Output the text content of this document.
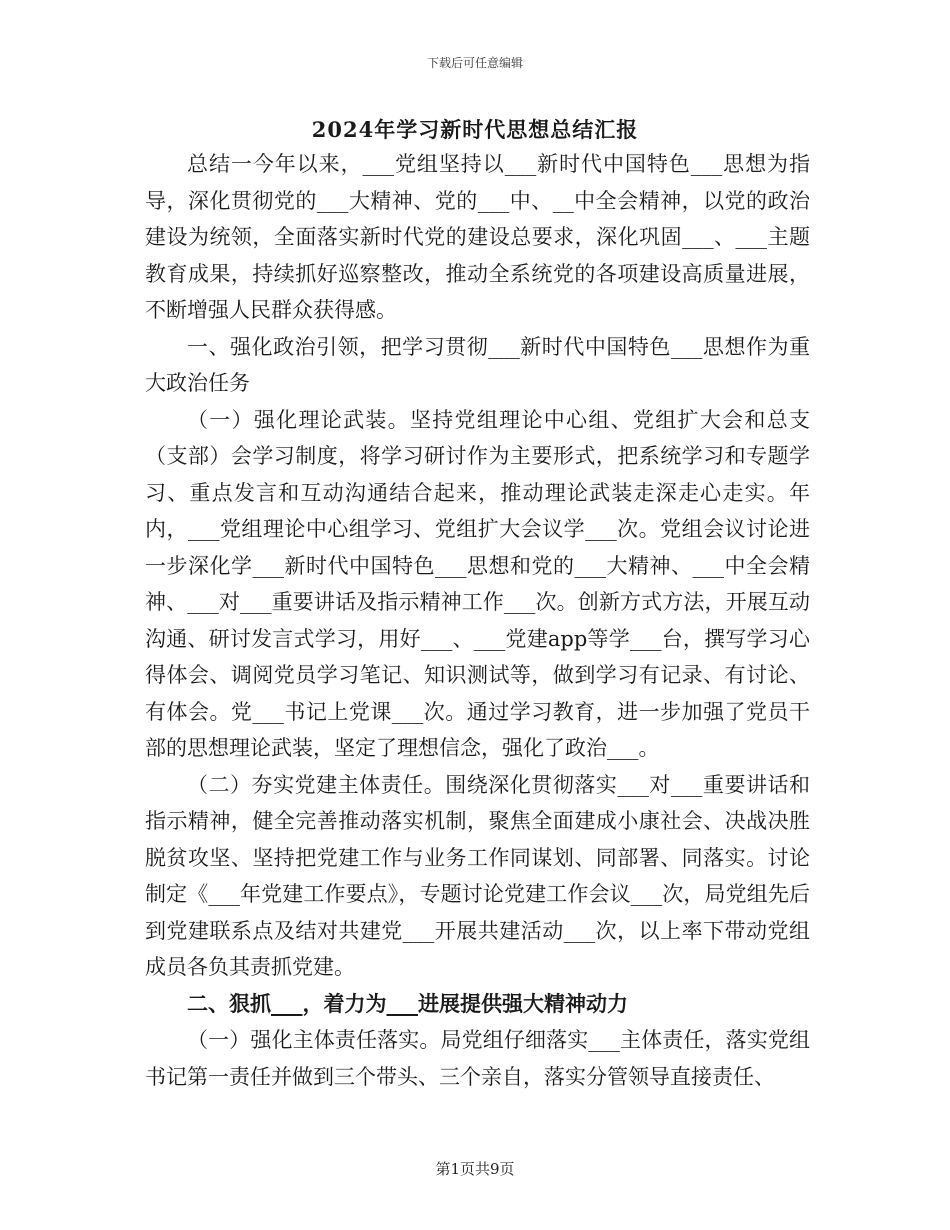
下载后可任意编辑
2024年学习新时代思想总结汇报

总结一今年以来，___党组坚持以___新时代中国特色___思想为指导，深化贯彻党的___大精神、党的___中、__中全会精神，以党的政治建设为统领，全面落实新时代党的建设总要求，深化巩固___、___主题教育成果，持续抓好巡察整改，推动全系统党的各项建设高质量进展，不断增强人民群众获得感。

一、强化政治引领，把学习贯彻___新时代中国特色___思想作为重大政治任务

（一）强化理论武装。坚持党组理论中心组、党组扩大会和总支（支部）会学习制度，将学习研讨作为主要形式，把系统学习和专题学习、重点发言和互动沟通结合起来，推动理论武装走深走心走实。年内，___党组理论中心组学习、党组扩大会议学___次。党组会议讨论进一步深化学___新时代中国特色___思想和党的___大精神、___中全会精神、___对___重要讲话及指示精神工作___次。创新方式方法，开展互动沟通、研讨发言式学习，用好___、___党建app等学___台，撰写学习心得体会、调阅党员学习笔记、知识测试等，做到学习有记录、有讨论、有体会。党___书记上党课___次。通过学习教育，进一步加强了党员干部的思想理论武装，坚定了理想信念，强化了政治___。

（二）夯实党建主体责任。围绕深化贯彻落实___对___重要讲话和指示精神，健全完善推动落实机制，聚焦全面建成小康社会、决战决胜脱贫攻坚、坚持把党建工作与业务工作同谋划、同部署、同落实。讨论制定《___年党建工作要点》，专题讨论党建工作会议___次，局党组先后到党建联系点及结对共建党___开展共建活动___次，以上率下带动党组成员各负其责抓党建。

二、狠抓___，着力为___进展提供强大精神动力

（一）强化主体责任落实。局党组仔细落实___主体责任，落实党组书记第一责任并做到三个带头、三个亲自，落实分管领导直接责任、

第1页共9页
